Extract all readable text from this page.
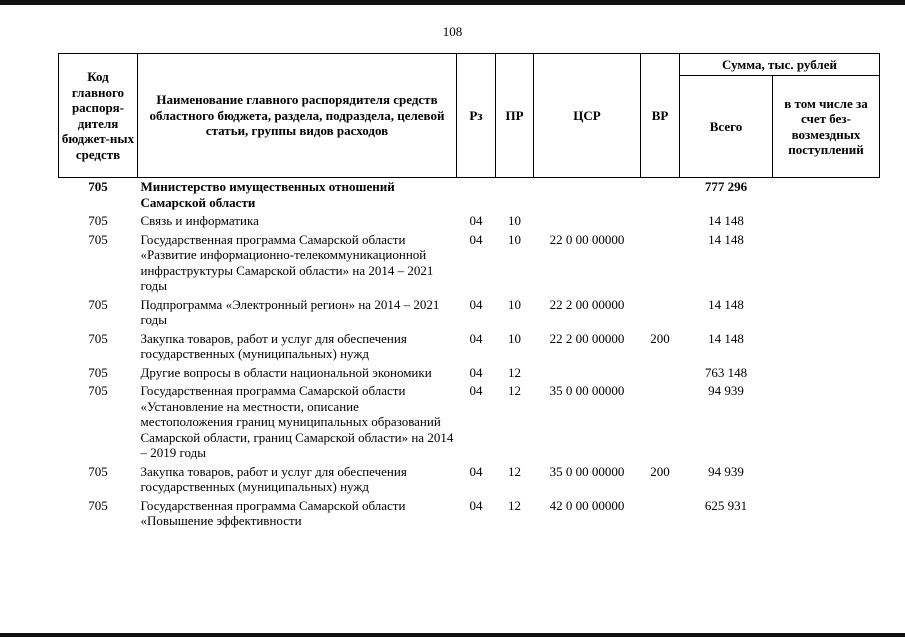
108
Код главного распоря-дителя бюджет-ных средств	Наименование главного распорядителя средств областного бюджета, раздела, подраздела, целевой статьи, группы видов расходов	Рз	ПР	ЦСР	ВР	Сумма, тыс. рублей	
						Всего	в том числе за счет без-возмездных поступлений
705	Министерство имущественных отношений Самарской области					777 296	
705	Связь и информатика	04	10			14 148	
705	Государственная программа Самарской области «Развитие информационно-телекоммуникационной инфраструктуры Самарской области» на 2014 – 2021 годы	04	10	22 0 00 00000		14 148	
705	Подпрограмма «Электронный регион» на 2014 – 2021 годы	04	10	22 2 00 00000		14 148	
705	Закупка товаров, работ и услуг для обеспечения государственных (муниципальных) нужд	04	10	22 2 00 00000	200	14 148	
705	Другие вопросы в области национальной экономики	04	12			763 148	
705	Государственная программа Самарской области «Установление на местности, описание местоположения границ муниципальных образований Самарской области, границ Самарской области» на 2014 – 2019 годы	04	12	35 0 00 00000		94 939	
705	Закупка товаров, работ и услуг для обеспечения государственных (муниципальных) нужд	04	12	35 0 00 00000	200	94 939	
705	Государственная программа Самарской области «Повышение эффективности	04	12	42 0 00 00000		625 931	
